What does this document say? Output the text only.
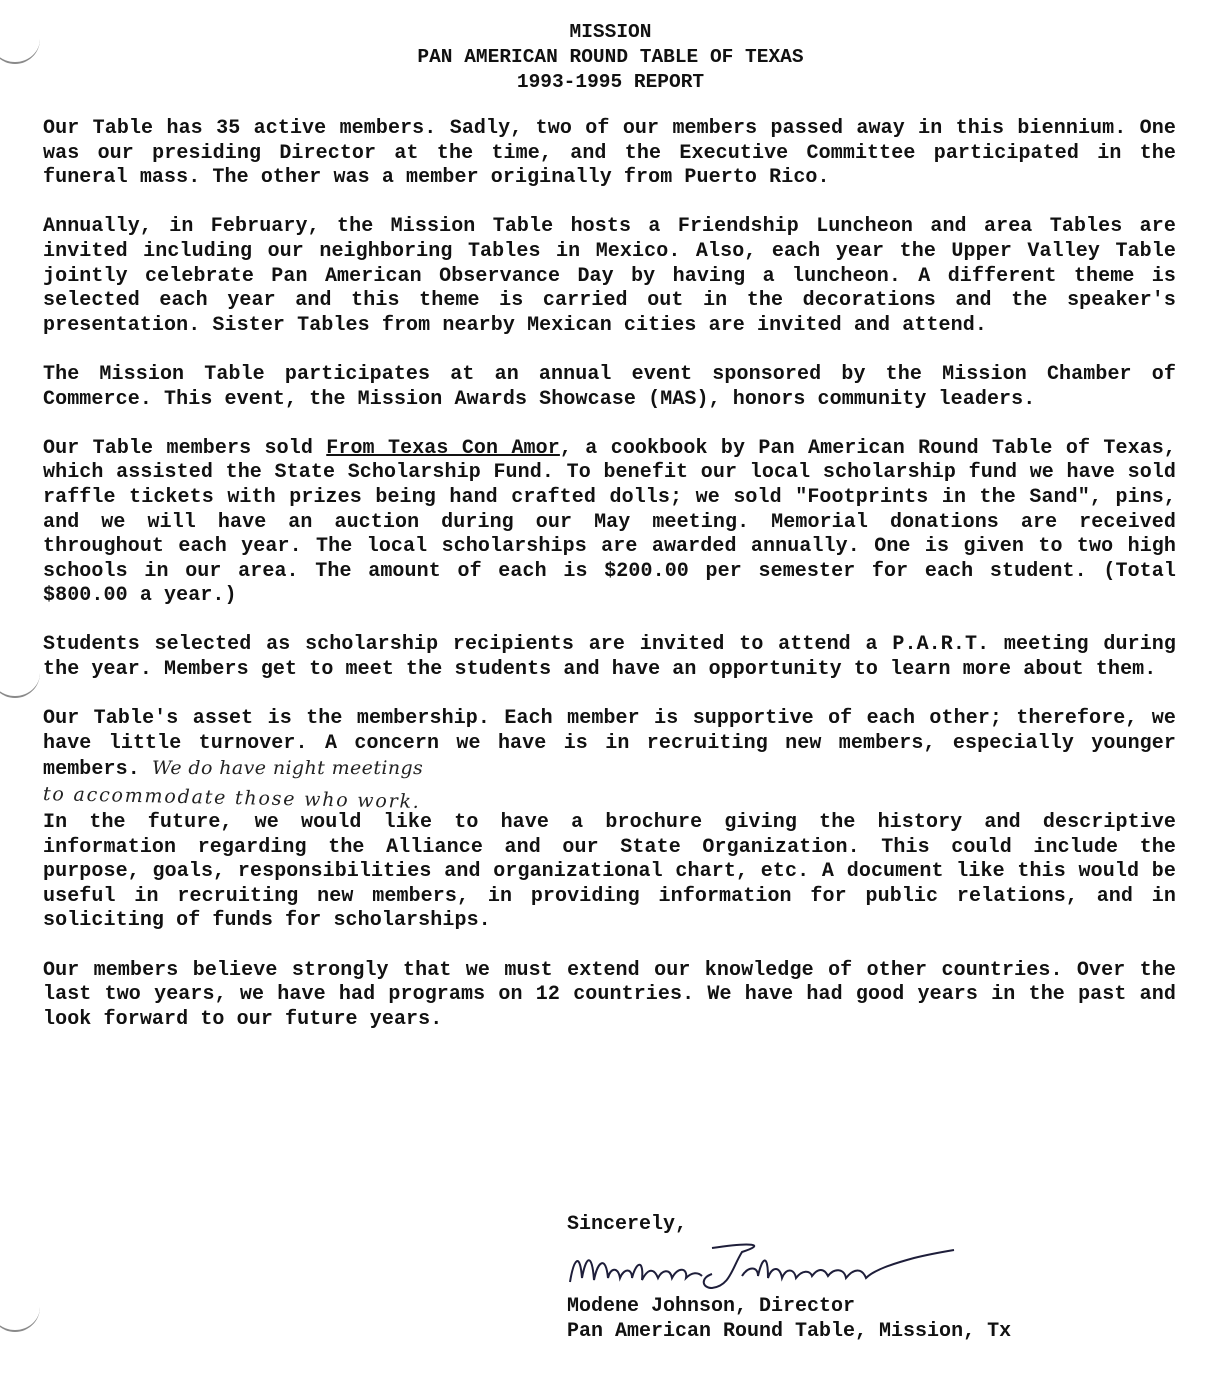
MISSION
PAN AMERICAN ROUND TABLE OF TEXAS
1993-1995 REPORT

Our Table has 35 active members. Sadly, two of our members passed away in this biennium. One was our presiding Director at the time, and the Executive Committee participated in the funeral mass. The other was a member originally from Puerto Rico.

Annually, in February, the Mission Table hosts a Friendship Luncheon and area Tables are invited including our neighboring Tables in Mexico. Also, each year the Upper Valley Table jointly celebrate Pan American Observance Day by having a luncheon. A different theme is selected each year and this theme is carried out in the decorations and the speaker's presentation. Sister Tables from nearby Mexican cities are invited and attend.

The Mission Table participates at an annual event sponsored by the Mission Chamber of Commerce. This event, the Mission Awards Showcase (MAS), honors community leaders.

Our Table members sold From Texas Con Amor, a cookbook by Pan American Round Table of Texas, which assisted the State Scholarship Fund. To benefit our local scholarship fund we have sold raffle tickets with prizes being hand crafted dolls; we sold "Footprints in the Sand", pins, and we will have an auction during our May meeting. Memorial donations are received throughout each year. The local scholarships are awarded annually. One is given to two high schools in our area. The amount of each is $200.00 per semester for each student. (Total $800.00 a year.)

Students selected as scholarship recipients are invited to attend a P.A.R.T. meeting during the year. Members get to meet the students and have an opportunity to learn more about them.

Our Table's asset is the membership. Each member is supportive of each other; therefore, we have little turnover. A concern we have is in recruiting new members, especially younger members. We do have night meetings

to accommodate those who work.

In the future, we would like to have a brochure giving the history and descriptive information regarding the Alliance and our State Organization. This could include the purpose, goals, responsibilities and organizational chart, etc. A document like this would be useful in recruiting new members, in providing information for public relations, and in soliciting of funds for scholarships.

Our members believe strongly that we must extend our knowledge of other countries. Over the last two years, we have had programs on 12 countries. We have had good years in the past and look forward to our future years.

Sincerely,
Modene Johnson, Director
Pan American Round Table, Mission, Tx
